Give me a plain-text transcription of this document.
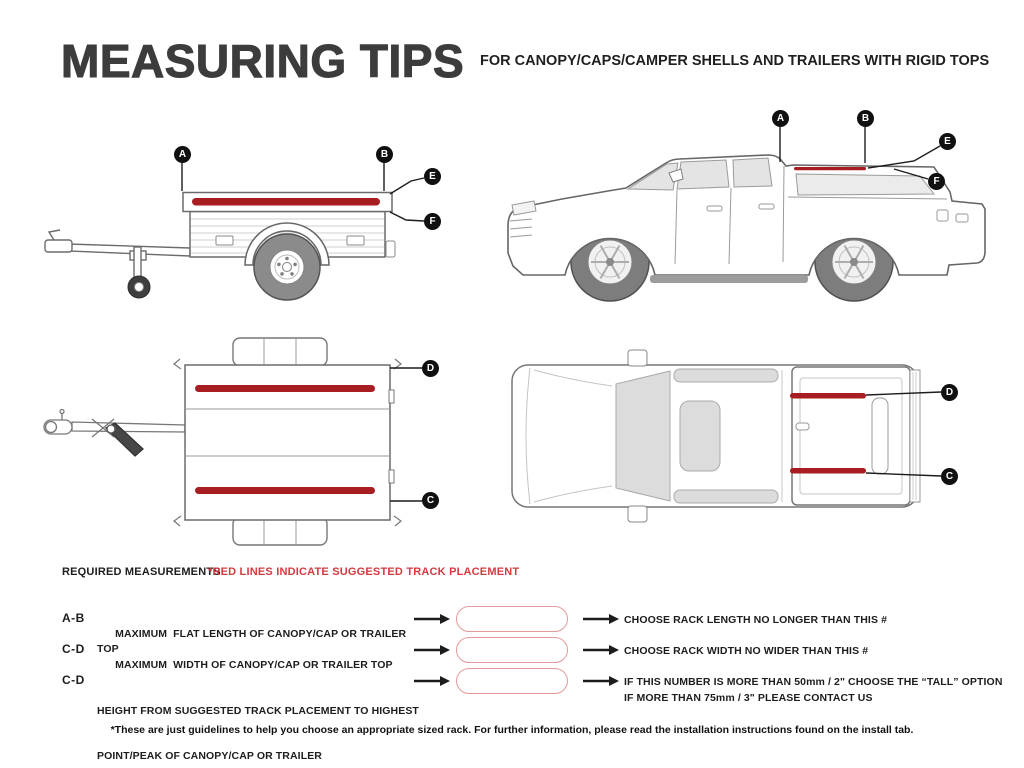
MEASURING TIPS FOR CANOPY/CAPS/CAMPER SHELLS AND TRAILERS WITH RIGID TOPS
A	B
E
F
A	B
E
F
D
C
D
C
REQUIRED MEASUREMENTS
*RED LINES INDICATE SUGGESTED TRACK PLACEMENT
A-B

MAXIMUM  FLAT LENGTH OF CANOPY/CAP OR TRAILER TOP

CHOOSE RACK LENGTH NO LONGER THAN THIS #
C-D

MAXIMUM  WIDTH OF CANOPY/CAP OR TRAILER TOP

CHOOSE RACK WIDTH NO WIDER THAN THIS #
C-D

HEIGHT FROM SUGGESTED TRACK PLACEMENT TO HIGHEST

POINT/PEAK OF CANOPY/CAP OR TRAILER

IF THIS NUMBER IS MORE THAN 50mm / 2" CHOOSE THE “TALL” OPTION
IF MORE THAN 75mm / 3" PLEASE CONTACT US
*These are just guidelines to help you choose an appropriate sized rack. For further information, please read the installation instructions found on the install tab.
